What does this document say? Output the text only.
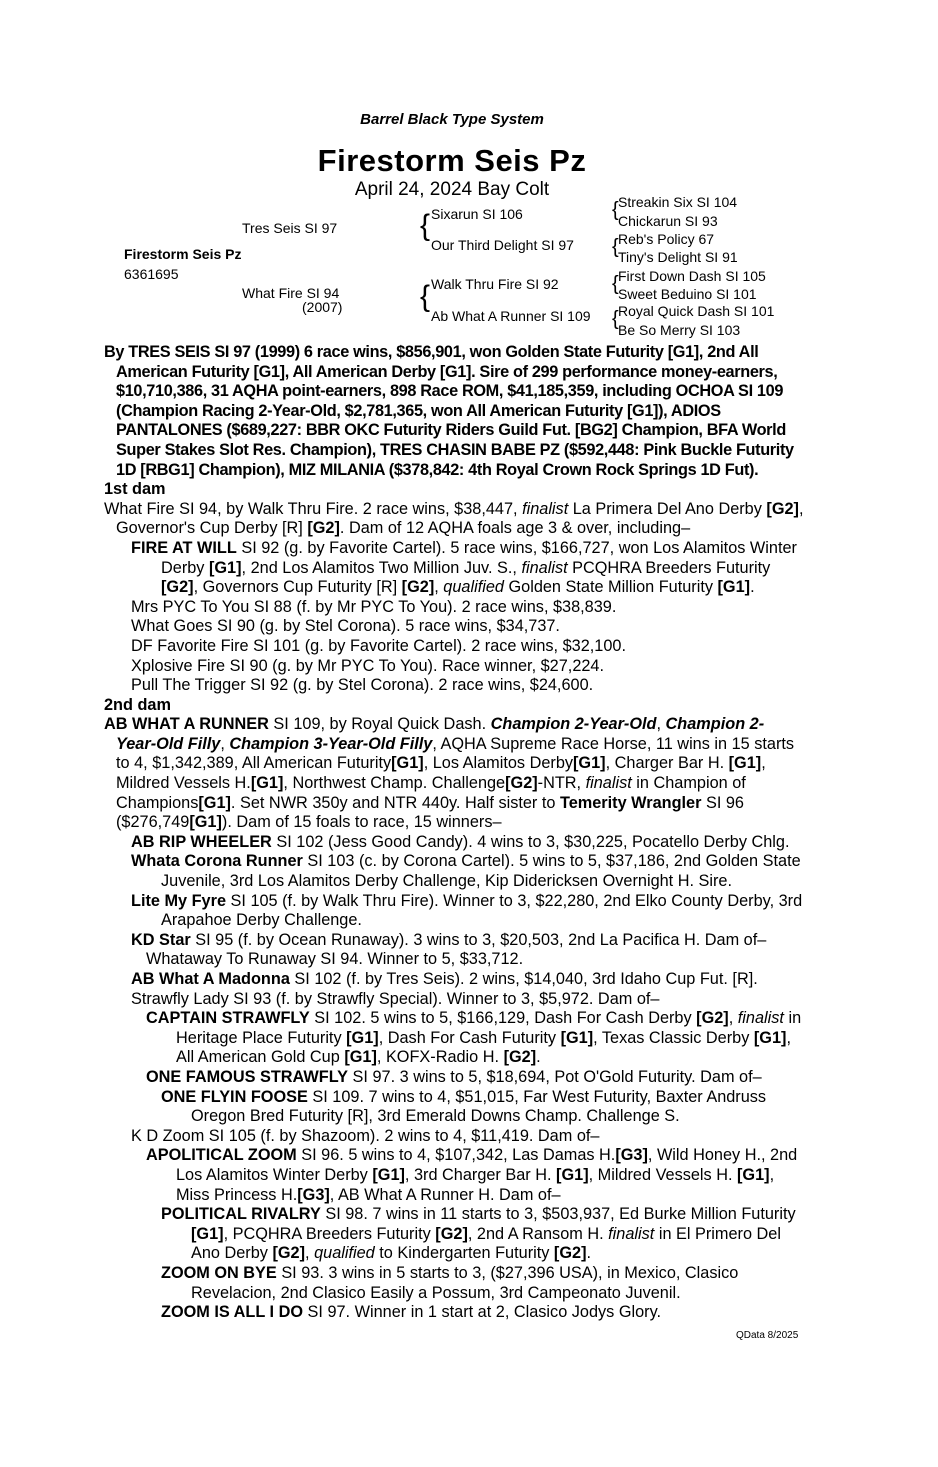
Barrel Black Type System
Firestorm Seis Pz
April 24, 2024 Bay Colt
Firestorm Seis Pz
6361695
Tres Seis SI 97
What Fire SI 94
(2007)
{ Sixarun SI 106
Our Third Delight SI 97
{ Walk Thru Fire SI 92
Ab What A Runner SI 109
{ Streakin Six SI 104
Chickarun SI 93
{ Reb's Policy 67
Tiny's Delight SI 91
{ First Down Dash SI 105
Sweet Beduino SI 101
{ Royal Quick Dash SI 101
Be So Merry SI 103

By TRES SEIS SI 97 (1999) 6 race wins, $856,901, won Golden State Futurity [G1], 2nd All American Futurity [G1], All American Derby [G1]. Sire of 299 performance money-earners, $10,710,386, 31 AQHA point-earners, 898 Race ROM, $41,185,359, including OCHOA SI 109 (Champion Racing 2-Year-Old, $2,781,365, won All American Futurity [G1]), ADIOS PANTALONES ($689,227: BBR OKC Futurity Riders Guild Fut. [BG2] Champion, BFA World Super Stakes Slot Res. Champion), TRES CHASIN BABE PZ ($592,448: Pink Buckle Futurity 1D [RBG1] Champion), MIZ MILANIA ($378,842: 4th Royal Crown Rock Springs 1D Fut).

1st dam

What Fire SI 94, by Walk Thru Fire. 2 race wins, $38,447, finalist La Primera Del Ano Derby [G2], Governor's Cup Derby [R] [G2]. Dam of 12 AQHA foals age 3 & over, including–

FIRE AT WILL SI 92 (g. by Favorite Cartel). 5 race wins, $166,727, won Los Alamitos Winter Derby [G1], 2nd Los Alamitos Two Million Juv. S., finalist PCQHRA Breeders Futurity [G2], Governors Cup Futurity [R] [G2], qualified Golden State Million Futurity [G1].

Mrs PYC To You SI 88 (f. by Mr PYC To You). 2 race wins, $38,839.

What Goes SI 90 (g. by Stel Corona). 5 race wins, $34,737.

DF Favorite Fire SI 101 (g. by Favorite Cartel). 2 race wins, $32,100.

Xplosive Fire SI 90 (g. by Mr PYC To You). Race winner, $27,224.

Pull The Trigger SI 92 (g. by Stel Corona). 2 race wins, $24,600.

2nd dam

AB WHAT A RUNNER SI 109, by Royal Quick Dash. Champion 2-Year-Old, Champion 2-Year-Old Filly, Champion 3-Year-Old Filly, AQHA Supreme Race Horse, 11 wins in 15 starts to 4, $1,342,389, All American Futurity[G1], Los Alamitos Derby[G1], Charger Bar H. [G1], Mildred Vessels H.[G1], Northwest Champ. Challenge[G2]-NTR, finalist in Champion of Champions[G1]. Set NWR 350y and NTR 440y. Half sister to Temerity Wrangler SI 96 ($276,749[G1]). Dam of 15 foals to race, 15 winners–

AB RIP WHEELER SI 102 (Jess Good Candy). 4 wins to 3, $30,225, Pocatello Derby Chlg.

Whata Corona Runner SI 103 (c. by Corona Cartel). 5 wins to 5, $37,186, 2nd Golden State Juvenile, 3rd Los Alamitos Derby Challenge, Kip Didericksen Overnight H. Sire.

Lite My Fyre SI 105 (f. by Walk Thru Fire). Winner to 3, $22,280, 2nd Elko County Derby, 3rd Arapahoe Derby Challenge.

KD Star SI 95 (f. by Ocean Runaway). 3 wins to 3, $20,503, 2nd La Pacifica H. Dam of–

Whataway To Runaway SI 94. Winner to 5, $33,712.

AB What A Madonna SI 102 (f. by Tres Seis). 2 wins, $14,040, 3rd Idaho Cup Fut. [R].

Strawfly Lady SI 93 (f. by Strawfly Special). Winner to 3, $5,972. Dam of–

CAPTAIN STRAWFLY SI 102. 5 wins to 5, $166,129, Dash For Cash Derby [G2], finalist in Heritage Place Futurity [G1], Dash For Cash Futurity [G1], Texas Classic Derby [G1], All American Gold Cup [G1], KOFX-Radio H. [G2].

ONE FAMOUS STRAWFLY SI 97. 3 wins to 5, $18,694, Pot O'Gold Futurity. Dam of–

ONE FLYIN FOOSE SI 109. 7 wins to 4, $51,015, Far West Futurity, Baxter Andruss Oregon Bred Futurity [R], 3rd Emerald Downs Champ. Challenge S.

K D Zoom SI 105 (f. by Shazoom). 2 wins to 4, $11,419. Dam of–

APOLITICAL ZOOM SI 96. 5 wins to 4, $107,342, Las Damas H.[G3], Wild Honey H., 2nd Los Alamitos Winter Derby [G1], 3rd Charger Bar H. [G1], Mildred Vessels H. [G1], Miss Princess H.[G3], AB What A Runner H. Dam of–

POLITICAL RIVALRY SI 98. 7 wins in 11 starts to 3, $503,937, Ed Burke Million Futurity [G1], PCQHRA Breeders Futurity [G2], 2nd A Ransom H. finalist in El Primero Del Ano Derby [G2], qualified to Kindergarten Futurity [G2].

ZOOM ON BYE SI 93. 3 wins in 5 starts to 3, ($27,396 USA), in Mexico, Clasico Revelacion, 2nd Clasico Easily a Possum, 3rd Campeonato Juvenil.

ZOOM IS ALL I DO SI 97. Winner in 1 start at 2, Clasico Jodys Glory.

QData 8/2025
